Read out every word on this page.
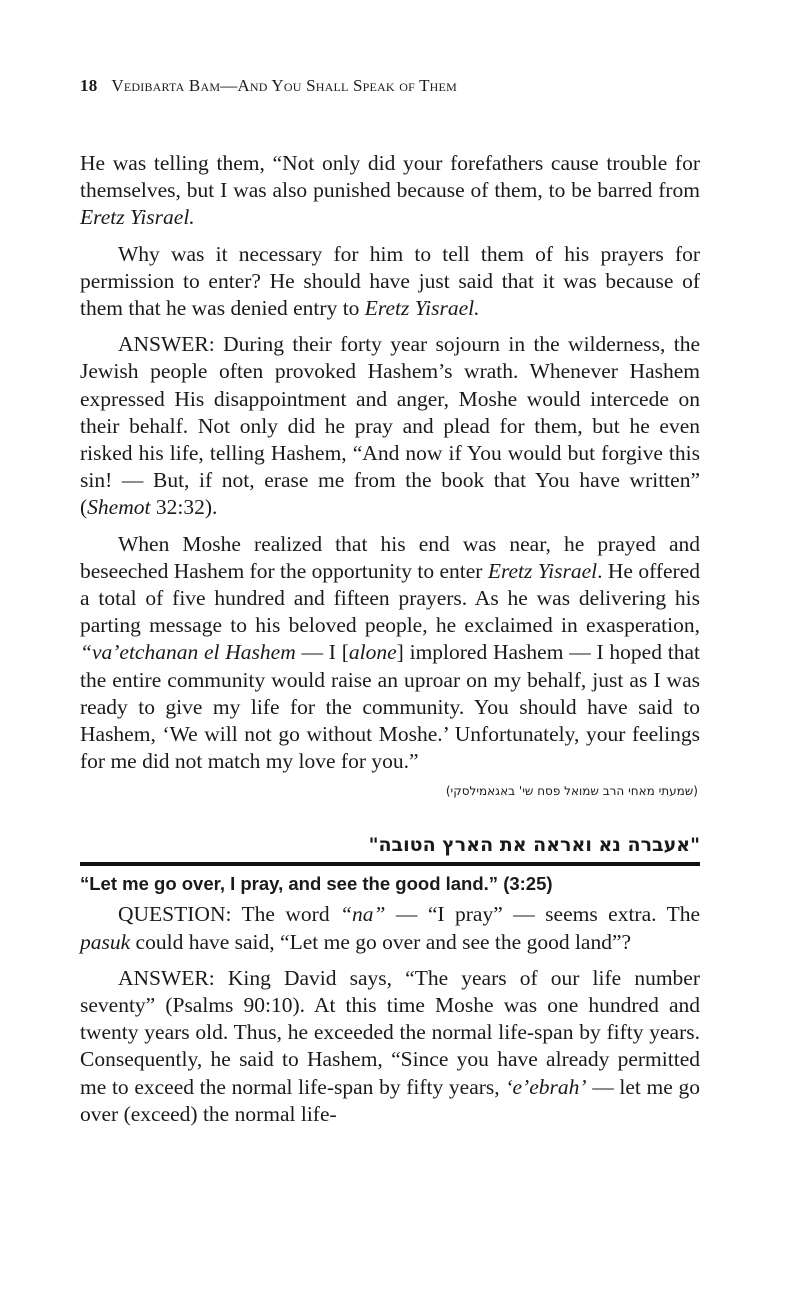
18 Vedibarta Bam—And You Shall Speak of Them

He was telling them, “Not only did your forefathers cause trouble for themselves, but I was also punished because of them, to be barred from Eretz Yisrael.

Why was it necessary for him to tell them of his prayers for permission to enter? He should have just said that it was because of them that he was denied entry to Eretz Yisrael.

ANSWER: During their forty year sojourn in the wilderness, the Jewish people often provoked Hashem’s wrath. Whenever Hashem expressed His disappointment and anger, Moshe would intercede on their behalf. Not only did he pray and plead for them, but he even risked his life, telling Hashem, “And now if You would but forgive this sin! — But, if not, erase me from the book that You have written” (Shemot 32:32).

When Moshe realized that his end was near, he prayed and beseeched Hashem for the opportunity to enter Eretz Yisrael. He offered a total of five hundred and fifteen prayers. As he was delivering his parting message to his beloved people, he exclaimed in exasperation, “va’etchanan el Hashem — I [alone] implored Hashem — I hoped that the entire community would raise an uproar on my behalf, just as I was ready to give my life for the community. You should have said to Hashem, ‘We will not go without Moshe.’ Unfortunately, your feelings for me did not match my love for you.”

(שמעתי מאחי הרב שמואל פסח שי' באגאמילסקי)
"אעברה נא ואראה את הארץ הטובה"
“Let me go over, I pray, and see the good land.” (3:25)

QUESTION: The word “na” — “I pray” — seems extra. The pasuk could have said, “Let me go over and see the good land”?

ANSWER: King David says, “The years of our life number seventy” (Psalms 90:10). At this time Moshe was one hundred and twenty years old. Thus, he exceeded the normal life-span by fifty years. Consequently, he said to Hashem, “Since you have already permitted me to exceed the normal life-span by fifty years, ‘e’ebrah’ — let me go over (exceed) the normal life-
